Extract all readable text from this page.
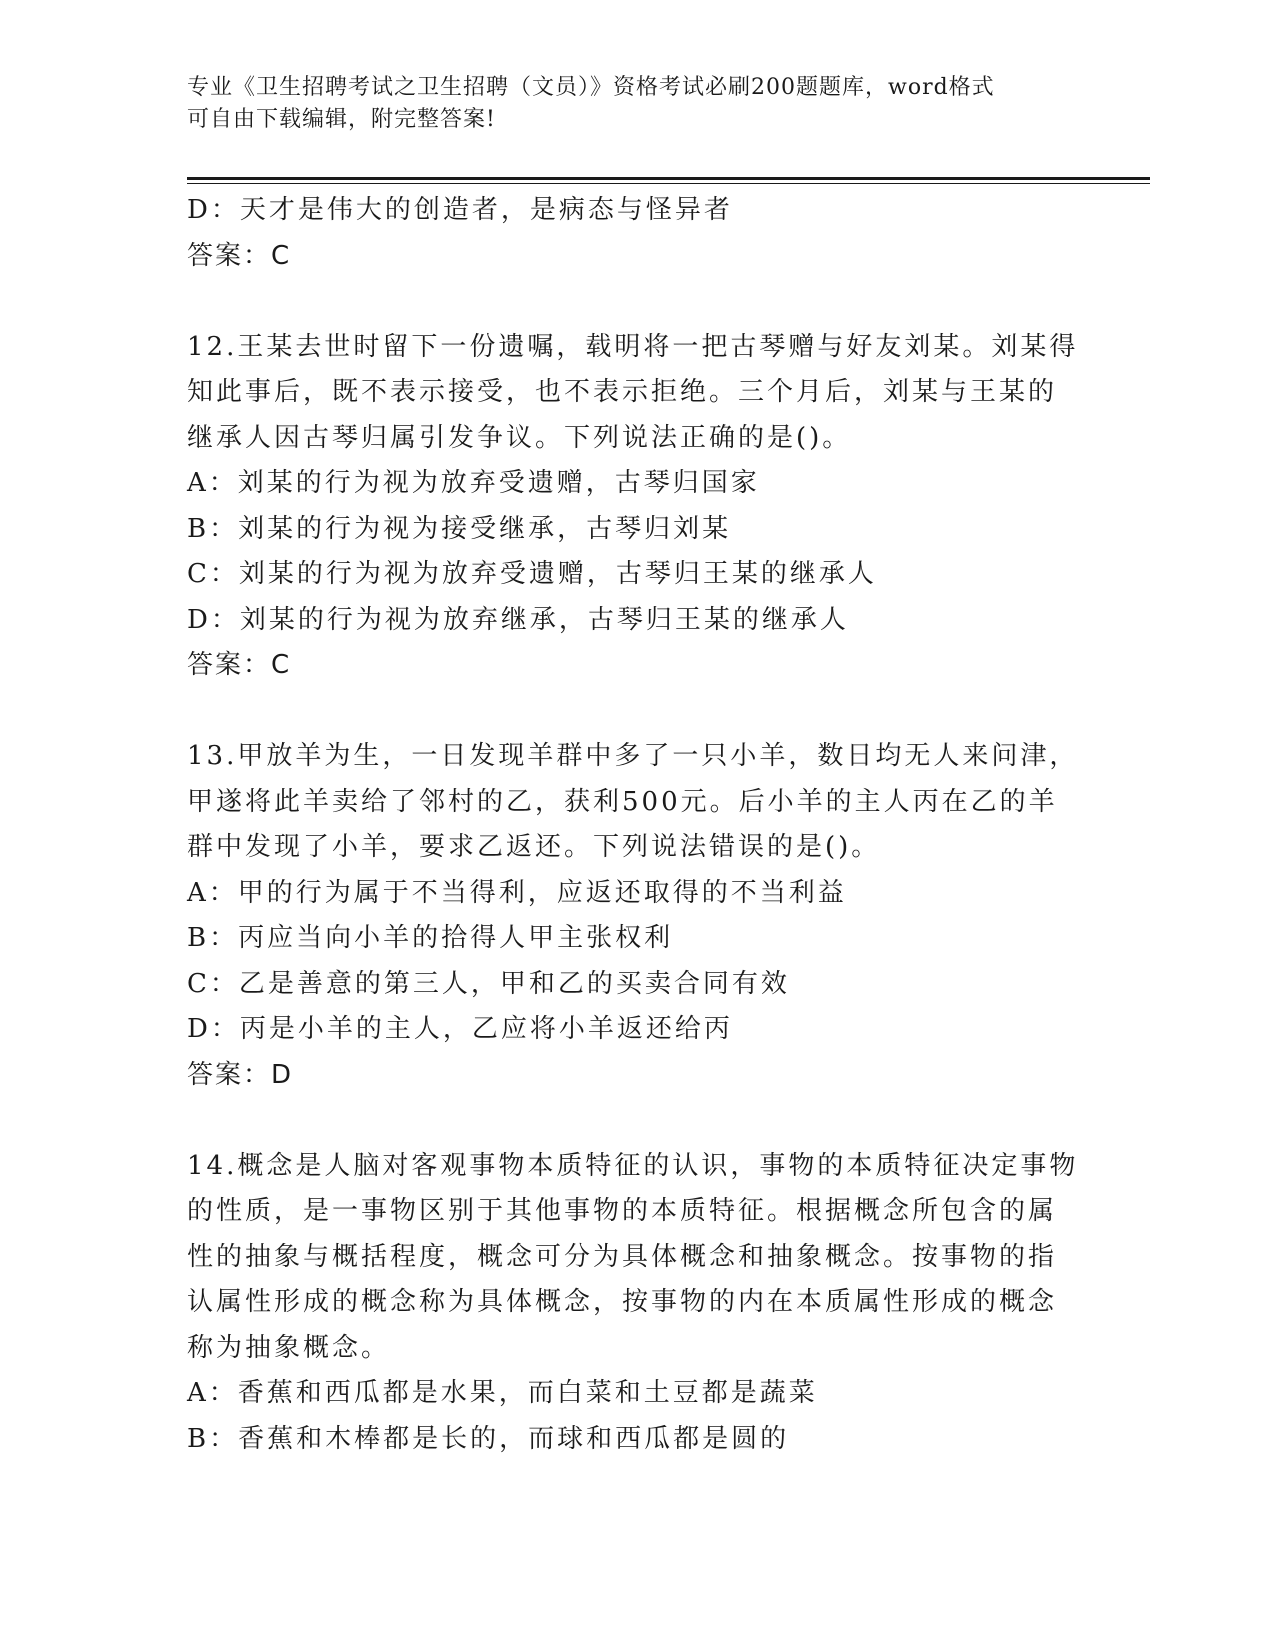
专业《卫生招聘考试之卫生招聘（文员）》资格考试必刷200题题库，word格式
可自由下载编辑，附完整答案!
D：天才是伟大的创造者，是病态与怪异者
答案：C
12.王某去世时留下一份遗嘱，载明将一把古琴赠与好友刘某。刘某得
知此事后，既不表示接受，也不表示拒绝。三个月后，刘某与王某的
继承人因古琴归属引发争议。下列说法正确的是()。
A：刘某的行为视为放弃受遗赠，古琴归国家
B：刘某的行为视为接受继承，古琴归刘某
C：刘某的行为视为放弃受遗赠，古琴归王某的继承人
D：刘某的行为视为放弃继承，古琴归王某的继承人
答案：C
13.甲放羊为生，一日发现羊群中多了一只小羊，数日均无人来问津，
甲遂将此羊卖给了邻村的乙，获利500元。后小羊的主人丙在乙的羊
群中发现了小羊，要求乙返还。下列说法错误的是()。
A：甲的行为属于不当得利，应返还取得的不当利益
B：丙应当向小羊的拾得人甲主张权利
C：乙是善意的第三人，甲和乙的买卖合同有效
D：丙是小羊的主人，乙应将小羊返还给丙
答案：D
14.概念是人脑对客观事物本质特征的认识，事物的本质特征决定事物
的性质，是一事物区别于其他事物的本质特征。根据概念所包含的属
性的抽象与概括程度，概念可分为具体概念和抽象概念。按事物的指
认属性形成的概念称为具体概念，按事物的内在本质属性形成的概念
称为抽象概念。
A：香蕉和西瓜都是水果，而白菜和土豆都是蔬菜
B：香蕉和木棒都是长的，而球和西瓜都是圆的
